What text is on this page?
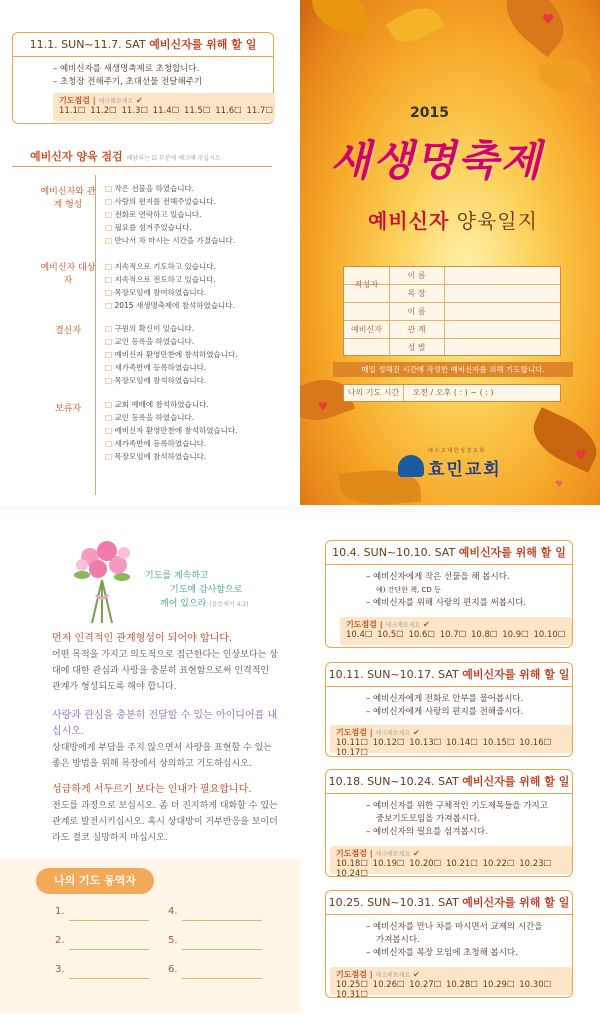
11.1. SUN~11.7. SAT 예비신자를 위해 할 일
– 예비신자를 새생명축제로 초청합니다.
– 초청장 전해주기, 초대선물 전달해주기
기도점검 | 체크해보세요 ✔
11.1☐ 11.2☐ 11.3☐ 11.4☐ 11.5☐ 11.6☐ 11.7☐
예비신자 양육 점검 해당되는 ☑ 부분에 체크해 주십시오
예비신자와 관계 형성
□ 작은 선물을 하였습니다.
□ 사랑의 편지를 전해주었습니다.
□ 전화로 연락하고 있습니다.
□ 필요를 섬겨주었습니다.
□ 만나서 차 마시는 시간을 가졌습니다.
예비신자 대상자
□ 지속적으로 기도하고 있습니다.
□ 지속적으로 전도하고 있습니다.
□ 목장모임에 참여하였습니다.
□ 2015 새생명축제에 참석하였습니다.
결신자	□ 구원의 확신이 있습니다.
□ 교인 등록을 하였습니다.
□ 예비신자 환영만찬에 참석하였습니다.
□ 새가족반에 등록하였습니다.
□ 목장모임에 참석하였습니다.
보류자	□ 교회 예배에 참석하였습니다.
□ 교인 등록을 하였습니다.
□ 예비신자 환영만찬에 참석하였습니다.
□ 새가족반에 등록하였습니다.
□ 목장모임에 참석하였습니다.
♥
♥
♥
♥
2015
새생명축제
예비신자 양육일지
작성자
예비신자
이 름
목 장
이 름
관 계
성 별
매일 정해진 시간에 작정한 예비신자를 위해 기도합니다.
나의 기도 시간 오전 / 오후 ( : ) ~ ( : )
예 수 교 대 한 성 결 교 회
효민교회
기도를 계속하고
기도에 감사함으로
깨어 있으라 (골로새서 4:2)
먼저 인격적인 관계형성이 되어야 합니다.
어떤 목적을 가지고 의도적으로 접근한다는 인상보다는 상대에 대한 관심과 사랑을 충분히 표현함으로써 인격적인 관계가 형성되도록 해야 합니다.
사랑과 관심을 충분히 전달할 수 있는 아이디어를 내십시오.
상대방에게 부담을 주지 않으면서 사랑을 표현할 수 있는 좋은 방법을 위해 목장에서 상의하고 기도하십시오.
성급하게 서두르기 보다는 인내가 필요합니다.
전도를 과정으로 보십시오. 좀 더 진지하게 대화할 수 있는 관계로 발전시키십시오. 혹시 상대방이 거부반응을 보이더라도 결코 실망하지 마십시오.
나의 기도 동역자
1.
2.
3.
4.
5.
6.
10.4. SUN~10.10. SAT 예비신자를 위해 할 일
– 예비신자에게 작은 선물을 해 봅시다.
예) 간단한 책, CD 등
– 예비신자를 위해 사랑의 편지를 써봅시다.
기도점검 | 체크해보세요 ✔
10.4☐ 10.5☐ 10.6☐ 10.7☐ 10.8☐ 10.9☐ 10.10☐
10.11. SUN~10.17. SAT 예비신자를 위해 할 일
– 예비신자에게 전화로 안부를 물어봅시다.
– 예비신자에게 사랑의 편지를 전해줍시다.
기도점검 | 체크해보세요 ✔
10.11☐ 10.12☐ 10.13☐ 10.14☐ 10.15☐ 10.16☐ 10.17☐
10.18. SUN~10.24. SAT 예비신자를 위해 할 일
– 예비신자를 위한 구체적인 기도제목들을 가지고
중보기도모임을 가져봅시다.
– 예비신자의 필요를 섬겨봅시다.
기도점검 | 체크해보세요 ✔
10.18☐ 10.19☐ 10.20☐ 10.21☐ 10.22☐ 10.23☐ 10.24☐
10.25. SUN~10.31. SAT 예비신자를 위해 할 일
– 예비신자를 만나 차를 마시면서 교제의 시간을
가져봅시다.
– 예비신자를 목장 모임에 초청해 봅시다.
기도점검 | 체크해보세요 ✔
10.25☐ 10.26☐ 10.27☐ 10.28☐ 10.29☐ 10.30☐ 10.31☐
